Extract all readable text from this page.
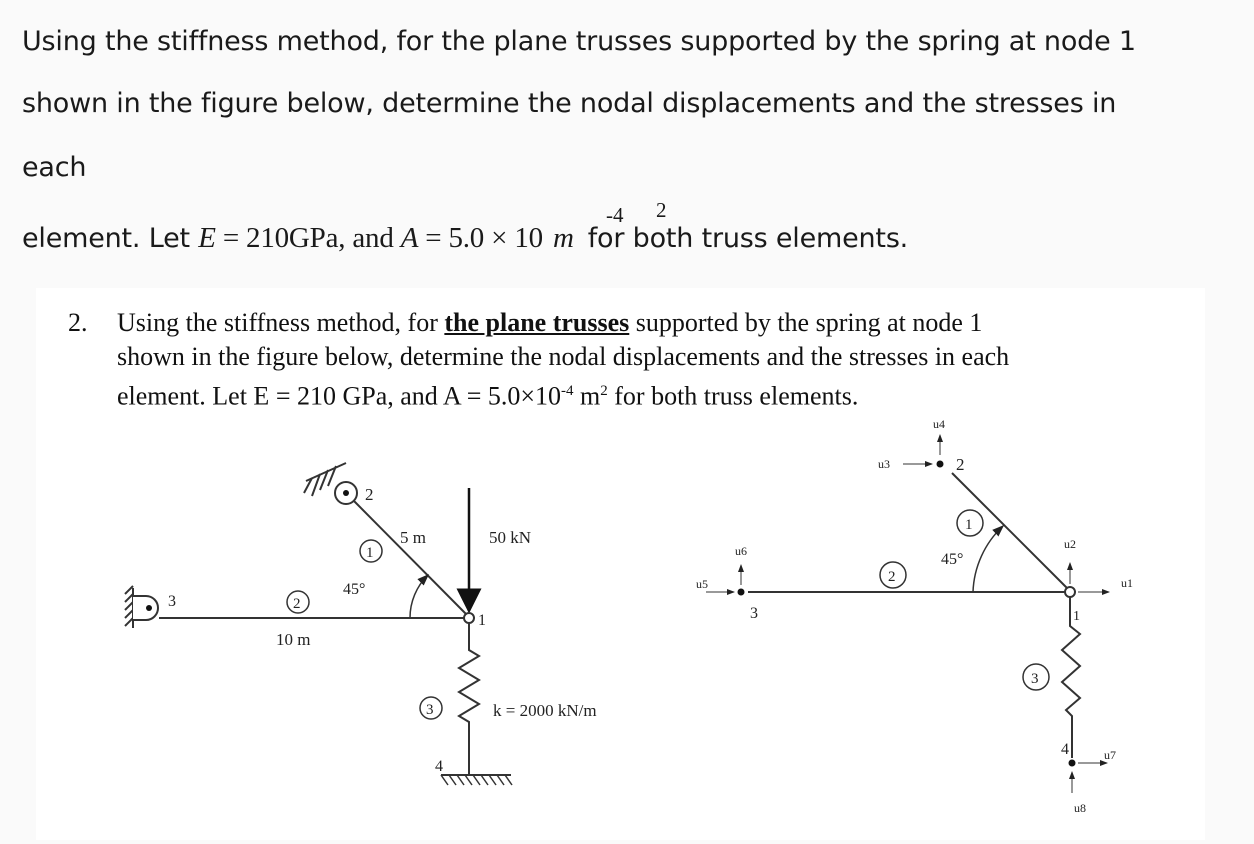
Using the stiffness method, for the plane trusses supported by the spring at node 1
shown in the figure below, determine the nodal displacements and the stresses in
each
element. Let E = 210GPa, and A = 5.0 × 10 m for both truss elements.
-4 2
2. Using the stiffness method, for the plane trusses supported by the spring at node 1
shown in the figure below, determine the nodal displacements and the stresses in each
element. Let E = 210 GPa, and $A = 5.0\times 10^{-4}$ $m^2$ for both truss elements.
3
2
1
4
2
1
3
45°
5 m
10 m
50 kN
k = 2000 kN/m
1
2
3
4
1
2
3
45°
u1
u2
u3
u4
u5
u6
u7
u8
